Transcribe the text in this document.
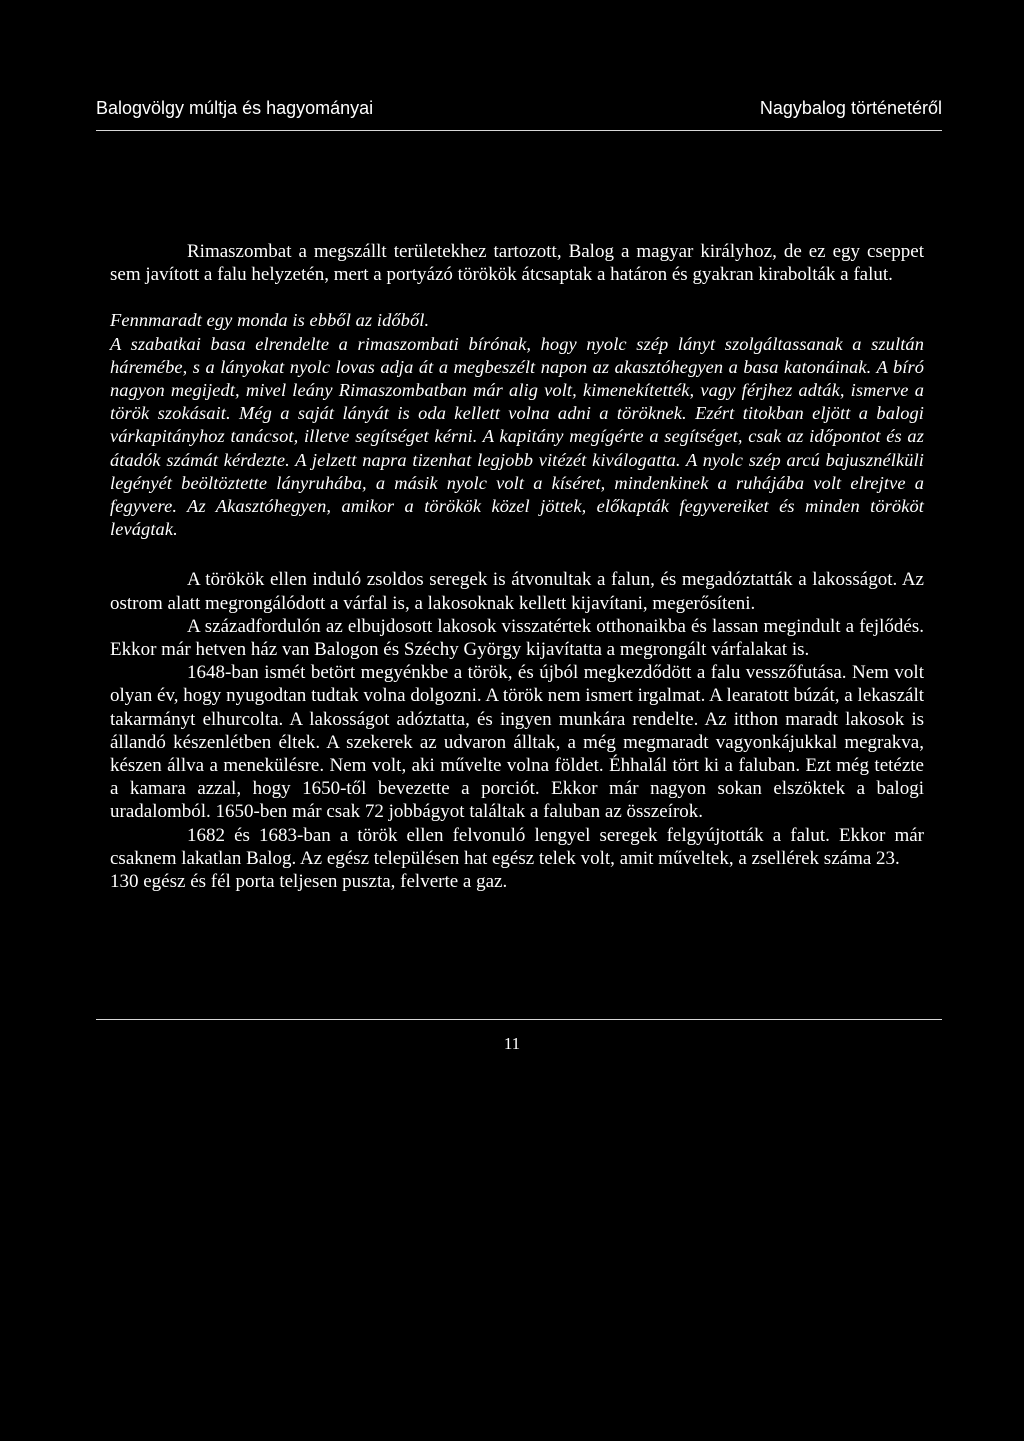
Balogvölgy múltja és hagyományai	Nagybalog történetéről

Rimaszombat a megszállt területekhez tartozott, Balog a magyar királyhoz, de ez egy cseppet sem javított a falu helyzetén, mert a portyázó törökök átcsaptak a határon és gyakran kirabolták a falut.

Fennmaradt egy monda is ebből az időből.

A szabatkai basa elrendelte a rimaszombati bírónak, hogy nyolc szép lányt szolgáltassanak a szultán háremébe, s a lányokat nyolc lovas adja át a megbeszélt napon az akasztóhegyen a basa katonáinak. A bíró nagyon megijedt, mivel leány Rimaszombatban már alig volt, kimenekítették, vagy férjhez adták, ismerve a török szokásait. Még a saját lányát is oda kellett volna adni a töröknek. Ezért titokban eljött a balogi várkapitányhoz tanácsot, illetve segítséget kérni. A kapitány megígérte a segítséget, csak az időpontot és az átadók számát kérdezte. A jelzett napra tizenhat legjobb vitézét kiválogatta. A nyolc szép arcú bajusznélküli legényét beöltöztette lányruhába, a másik nyolc volt a kíséret, mindenkinek a ruhájába volt elrejtve a fegyvere. Az Akasztóhegyen, amikor a törökök közel jöttek, előkapták fegyvereiket és minden törököt levágtak.

A törökök ellen induló zsoldos seregek is átvonultak a falun, és megadóztatták a lakosságot. Az ostrom alatt megrongálódott a várfal is, a lakosoknak kellett kijavítani, megerősíteni.

A századfordulón az elbujdosott lakosok visszatértek otthonaikba és lassan megindult a fejlődés. Ekkor már hetven ház van Balogon és Széchy György kijavítatta a megrongált várfalakat is.

1648-ban ismét betört megyénkbe a török, és újból megkezdődött a falu vesszőfutása. Nem volt olyan év, hogy nyugodtan tudtak volna dolgozni. A török nem ismert irgalmat. A learatott búzát, a lekaszált takarmányt elhurcolta. A lakosságot adóztatta, és ingyen munkára rendelte. Az itthon maradt lakosok is állandó készenlétben éltek. A szekerek az udvaron álltak, a még megmaradt vagyonkájukkal megrakva, készen állva a menekülésre. Nem volt, aki művelte volna földet. Éhhalál tört ki a faluban. Ezt még tetézte a kamara azzal, hogy 1650-től bevezette a porciót. Ekkor már nagyon sokan elszöktek a balogi uradalomból. 1650-ben már csak 72 jobbágyot találtak a faluban az összeírok.

1682 és 1683-ban a török ellen felvonuló lengyel seregek felgyújtották a falut. Ekkor már csaknem lakatlan Balog. Az egész településen hat egész telek volt, amit műveltek, a zsellérek száma 23.

130 egész és fél porta teljesen puszta, felverte a gaz.

11
